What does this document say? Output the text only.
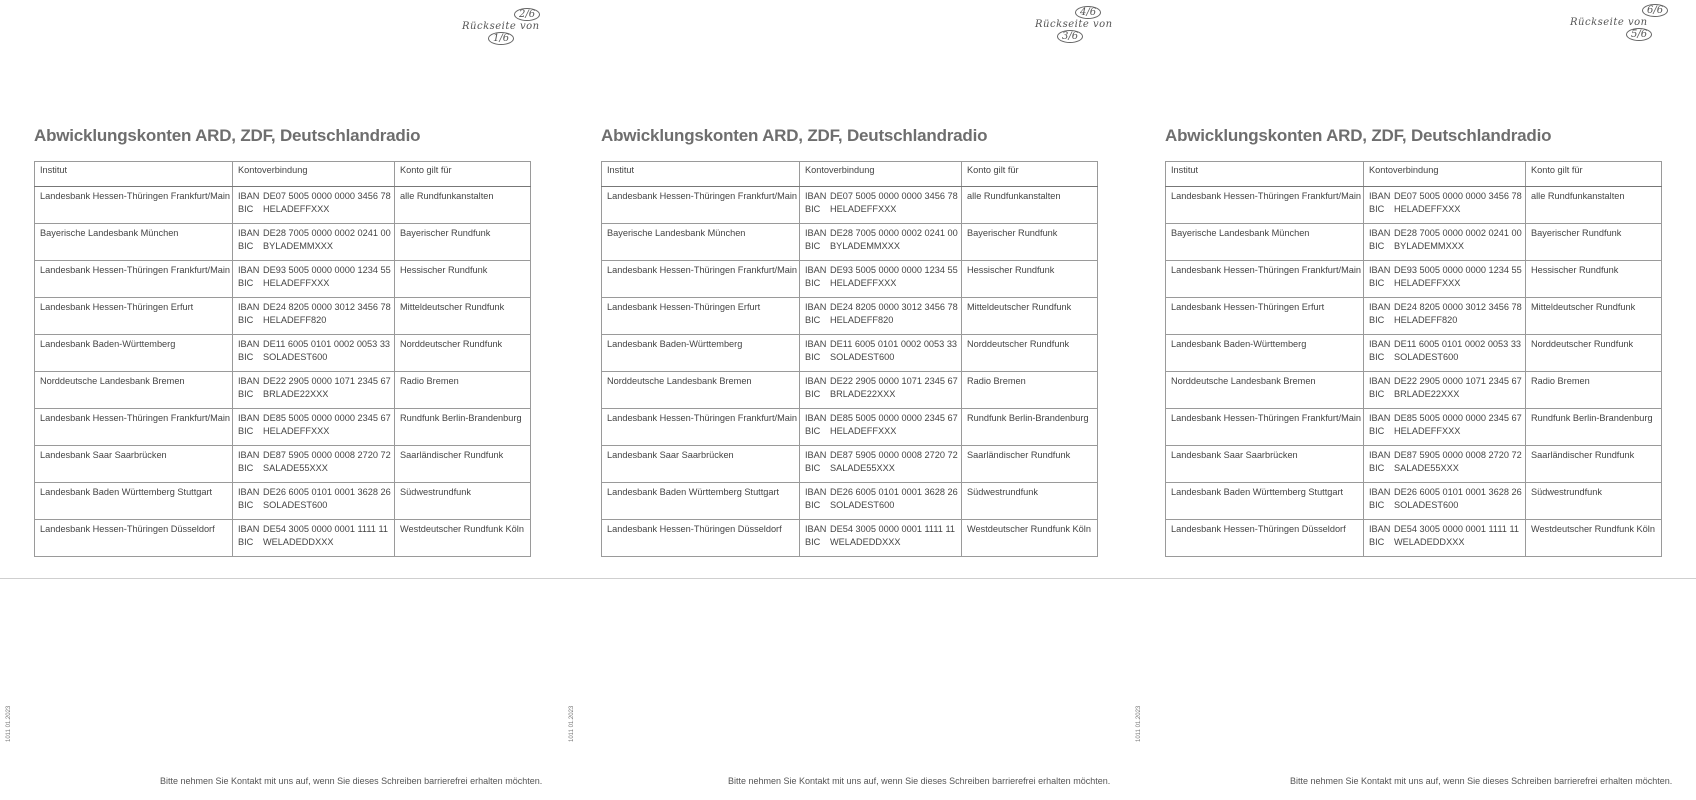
2/6
Rückseite von
1/6
Abwicklungskonten ARD, ZDF, Deutschlandradio
Institut	Kontoverbindung	Konto gilt für

Landesbank Hessen-Thüringen Frankfurt/Main	IBAN DE07 5005 0000 0000 3456 78
BIC HELADEFFXXX	alle Rundfunkanstalten

Bayerische Landesbank München	IBAN DE28 7005 0000 0002 0241 00
BIC BYLADEMMXXX	Bayerischer Rundfunk

Landesbank Hessen-Thüringen Frankfurt/Main	IBAN DE93 5005 0000 0000 1234 55
BIC HELADEFFXXX	Hessischer Rundfunk

Landesbank Hessen-Thüringen Erfurt	IBAN DE24 8205 0000 3012 3456 78
BIC HELADEFF820	Mitteldeutscher Rundfunk

Landesbank Baden-Württemberg	IBAN DE11 6005 0101 0002 0053 33
BIC SOLADEST600	Norddeutscher Rundfunk

Norddeutsche Landesbank Bremen	IBAN DE22 2905 0000 1071 2345 67
BIC BRLADE22XXX	Radio Bremen

Landesbank Hessen-Thüringen Frankfurt/Main	IBAN DE85 5005 0000 0000 2345 67
BIC HELADEFFXXX	Rundfunk Berlin-Brandenburg

Landesbank Saar Saarbrücken	IBAN DE87 5905 0000 0008 2720 72
BIC SALADE55XXX	Saarländischer Rundfunk

Landesbank Baden Württemberg Stuttgart	IBAN DE26 6005 0101 0001 3628 26
BIC SOLADEST600	Südwestrundfunk

Landesbank Hessen-Thüringen Düsseldorf	IBAN DE54 3005 0000 0001 1111 11
BIC WELADEDDXXX	Westdeutscher Rundfunk Köln
1011 01.2023
Bitte nehmen Sie Kontakt mit uns auf, wenn Sie dieses Schreiben barrierefrei erhalten möchten.
4/6
Rückseite von
3/6
Abwicklungskonten ARD, ZDF, Deutschlandradio
Institut	Kontoverbindung	Konto gilt für

Landesbank Hessen-Thüringen Frankfurt/Main	IBAN DE07 5005 0000 0000 3456 78
BIC HELADEFFXXX	alle Rundfunkanstalten

Bayerische Landesbank München	IBAN DE28 7005 0000 0002 0241 00
BIC BYLADEMMXXX	Bayerischer Rundfunk

Landesbank Hessen-Thüringen Frankfurt/Main	IBAN DE93 5005 0000 0000 1234 55
BIC HELADEFFXXX	Hessischer Rundfunk

Landesbank Hessen-Thüringen Erfurt	IBAN DE24 8205 0000 3012 3456 78
BIC HELADEFF820	Mitteldeutscher Rundfunk

Landesbank Baden-Württemberg	IBAN DE11 6005 0101 0002 0053 33
BIC SOLADEST600	Norddeutscher Rundfunk

Norddeutsche Landesbank Bremen	IBAN DE22 2905 0000 1071 2345 67
BIC BRLADE22XXX	Radio Bremen

Landesbank Hessen-Thüringen Frankfurt/Main	IBAN DE85 5005 0000 0000 2345 67
BIC HELADEFFXXX	Rundfunk Berlin-Brandenburg

Landesbank Saar Saarbrücken	IBAN DE87 5905 0000 0008 2720 72
BIC SALADE55XXX	Saarländischer Rundfunk

Landesbank Baden Württemberg Stuttgart	IBAN DE26 6005 0101 0001 3628 26
BIC SOLADEST600	Südwestrundfunk

Landesbank Hessen-Thüringen Düsseldorf	IBAN DE54 3005 0000 0001 1111 11
BIC WELADEDDXXX	Westdeutscher Rundfunk Köln
1011 01.2023
Bitte nehmen Sie Kontakt mit uns auf, wenn Sie dieses Schreiben barrierefrei erhalten möchten.
6/6
Rückseite von
5/6
Abwicklungskonten ARD, ZDF, Deutschlandradio
Institut	Kontoverbindung	Konto gilt für

Landesbank Hessen-Thüringen Frankfurt/Main	IBAN DE07 5005 0000 0000 3456 78
BIC HELADEFFXXX	alle Rundfunkanstalten

Bayerische Landesbank München	IBAN DE28 7005 0000 0002 0241 00
BIC BYLADEMMXXX	Bayerischer Rundfunk

Landesbank Hessen-Thüringen Frankfurt/Main	IBAN DE93 5005 0000 0000 1234 55
BIC HELADEFFXXX	Hessischer Rundfunk

Landesbank Hessen-Thüringen Erfurt	IBAN DE24 8205 0000 3012 3456 78
BIC HELADEFF820	Mitteldeutscher Rundfunk

Landesbank Baden-Württemberg	IBAN DE11 6005 0101 0002 0053 33
BIC SOLADEST600	Norddeutscher Rundfunk

Norddeutsche Landesbank Bremen	IBAN DE22 2905 0000 1071 2345 67
BIC BRLADE22XXX	Radio Bremen

Landesbank Hessen-Thüringen Frankfurt/Main	IBAN DE85 5005 0000 0000 2345 67
BIC HELADEFFXXX	Rundfunk Berlin-Brandenburg

Landesbank Saar Saarbrücken	IBAN DE87 5905 0000 0008 2720 72
BIC SALADE55XXX	Saarländischer Rundfunk

Landesbank Baden Württemberg Stuttgart	IBAN DE26 6005 0101 0001 3628 26
BIC SOLADEST600	Südwestrundfunk

Landesbank Hessen-Thüringen Düsseldorf	IBAN DE54 3005 0000 0001 1111 11
BIC WELADEDDXXX	Westdeutscher Rundfunk Köln
1011 01.2023
Bitte nehmen Sie Kontakt mit uns auf, wenn Sie dieses Schreiben barrierefrei erhalten möchten.
